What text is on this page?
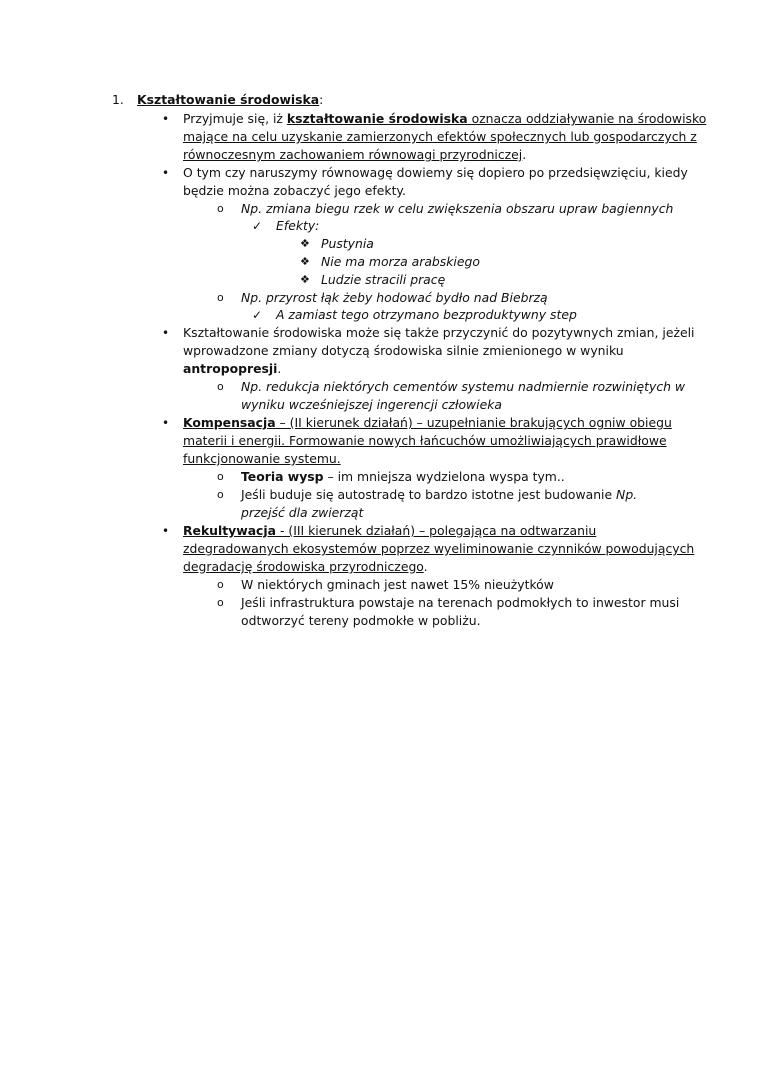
1. Kształtowanie środowiska:
• Przyjmuje się, iż kształtowanie środowiska oznacza oddziaływanie na środowisko
mające na celu uzyskanie zamierzonych efektów społecznych lub gospodarczych z
równoczesnym zachowaniem równowagi przyrodniczej.
• O tym czy naruszymy równowagę dowiemy się dopiero po przedsięwzięciu, kiedy
będzie można zobaczyć jego efekty.
o Np. zmiana biegu rzek w celu zwiększenia obszaru upraw bagiennych
✓ Efekty:
❖ Pustynia
❖ Nie ma morza arabskiego
❖ Ludzie stracili pracę
o Np. przyrost łąk żeby hodować bydło nad Biebrzą
✓ A zamiast tego otrzymano bezproduktywny step
• Kształtowanie środowiska może się także przyczynić do pozytywnych zmian, jeżeli
wprowadzone zmiany dotyczą środowiska silnie zmienionego w wyniku
antropopresji.
o Np. redukcja niektórych cementów systemu nadmiernie rozwiniętych w
wyniku wcześniejszej ingerencji człowieka
• Kompensacja – (II kierunek działań) – uzupełnianie brakujących ogniw obiegu
materii i energii. Formowanie nowych łańcuchów umożliwiających prawidłowe
funkcjonowanie systemu.
o Teoria wysp – im mniejsza wydzielona wyspa tym..
o Jeśli buduje się autostradę to bardzo istotne jest budowanie Np.
przejść dla zwierząt
• Rekultywacja - (III kierunek działań) – polegająca na odtwarzaniu
zdegradowanych ekosystemów poprzez wyeliminowanie czynników powodujących
degradację środowiska przyrodniczego.
o W niektórych gminach jest nawet 15% nieużytków
o Jeśli infrastruktura powstaje na terenach podmokłych to inwestor musi
odtworzyć tereny podmokłe w pobliżu.
